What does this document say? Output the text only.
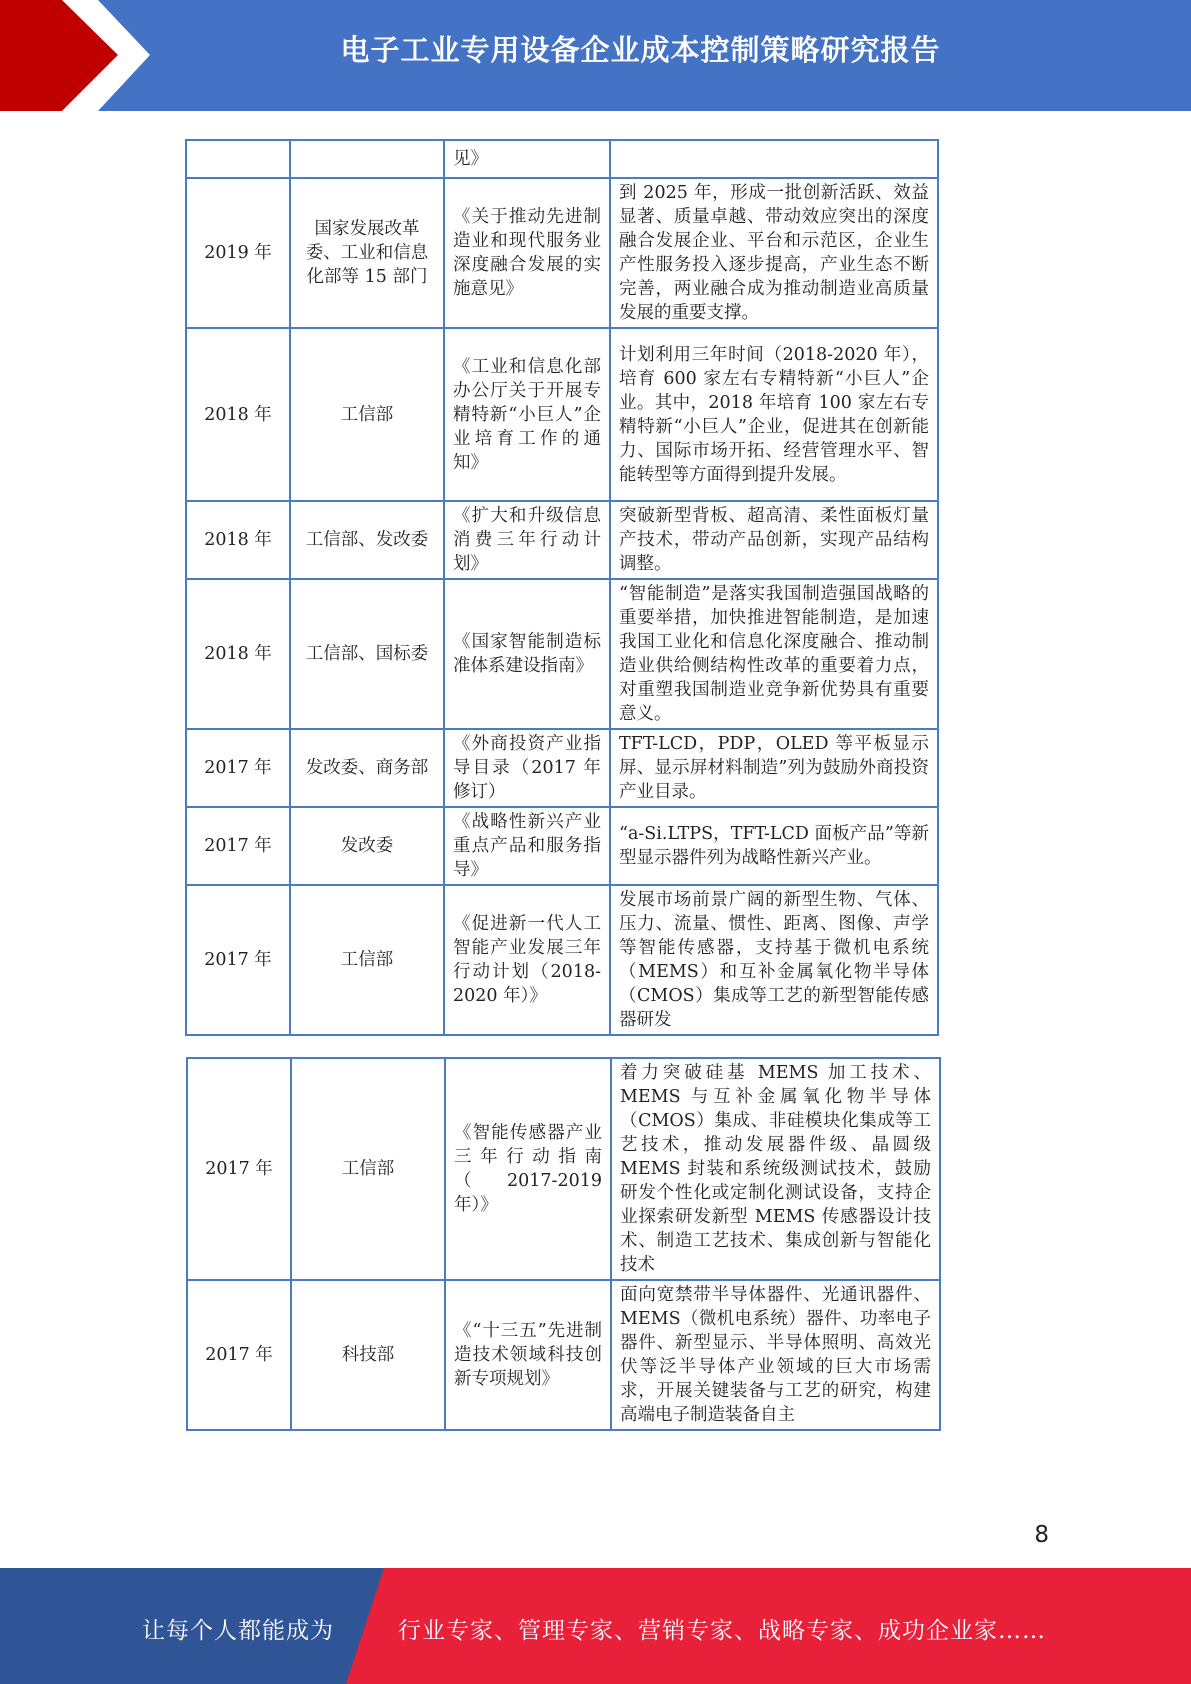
电子工业专用设备企业成本控制策略研究报告
		见》	
2019 年	国家发展改革委、工业和信息化部等 15 部门	《关于推动先进制造业和现代服务业深度融合发展的实施意见》	到 2025 年，形成一批创新活跃、效益显著、质量卓越、带动效应突出的深度融合发展企业、平台和示范区，企业生产性服务投入逐步提高，产业生态不断完善，两业融合成为推动制造业高质量发展的重要支撑。
2018 年	工信部	《工业和信息化部办公厅关于开展专精特新“小巨人”企业培育工作的通知》	计划利用三年时间（2018-2020 年），培育 600 家左右专精特新“小巨人”企业。其中，2018 年培育 100 家左右专精特新“小巨人”企业，促进其在创新能力、国际市场开拓、经营管理水平、智能转型等方面得到提升发展。
2018 年	工信部、发改委	《扩大和升级信息消费三年行动计划》	突破新型背板、超高清、柔性面板灯量产技术，带动产品创新，实现产品结构调整。
2018 年	工信部、国标委	《国家智能制造标准体系建设指南》	“智能制造”是落实我国制造强国战略的重要举措，加快推进智能制造，是加速我国工业化和信息化深度融合、推动制造业供给侧结构性改革的重要着力点，对重塑我国制造业竞争新优势具有重要意义。
2017 年	发改委、商务部	《外商投资产业指导目录（2017 年修订）	TFT-LCD，PDP，OLED 等平板显示屏、显示屏材料制造”列为鼓励外商投资产业目录。
2017 年	发改委	《战略性新兴产业重点产品和服务指导》	“a-Si.LTPS，TFT-LCD 面板产品”等新型显示器件列为战略性新兴产业。
2017 年	工信部	《促进新一代人工智能产业发展三年行动计划（2018-2020 年）》	发展市场前景广阔的新型生物、气体、压力、流量、惯性、距离、图像、声学等智能传感器，支持基于微机电系统（MEMS）和互补金属氧化物半导体（CMOS）集成等工艺的新型智能传感器研发
2017 年	工信部	《智能传感器产业三年行动指南（2017-2019 年）》	着力突破硅基 MEMS 加工技术、MEMS 与互补金属氧化物半导体（CMOS）集成、非硅模块化集成等工艺技术，推动发展器件级、晶圆级 MEMS 封装和系统级测试技术，鼓励研发个性化或定制化测试设备，支持企业探索研发新型 MEMS 传感器设计技术、制造工艺技术、集成创新与智能化技术
2017 年	科技部	《“十三五”先进制造技术领域科技创新专项规划》	面向宽禁带半导体器件、光通讯器件、MEMS（微机电系统）器件、功率电子器件、新型显示、半导体照明、高效光伏等泛半导体产业领域的巨大市场需求，开展关键装备与工艺的研究，构建高端电子制造装备自主
8
让每个人都能成为	行业专家、管理专家、营销专家、战略专家、成功企业家……
